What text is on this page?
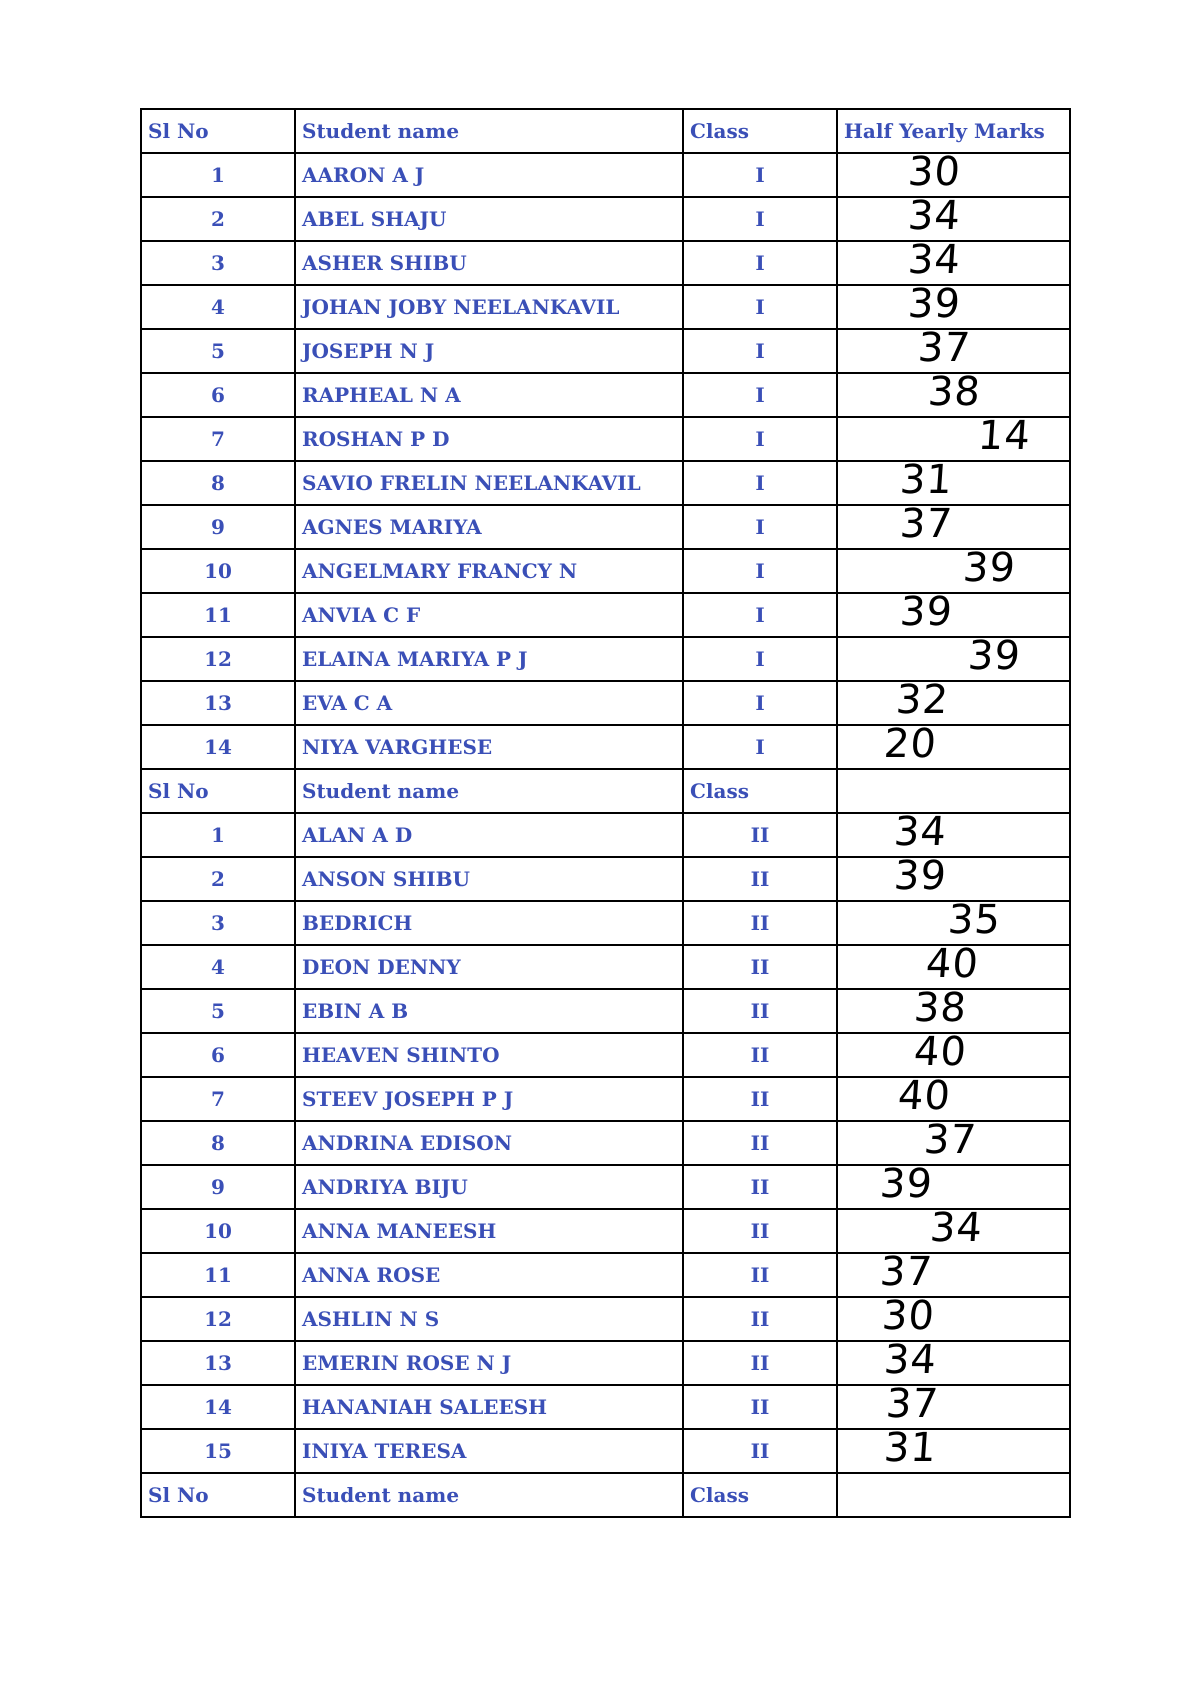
Sl No	Student name	Class	Half Yearly Marks
1	AARON A J	I	30

2	ABEL SHAJU	I	34

3	ASHER SHIBU	I	34

4	JOHAN JOBY NEELANKAVIL	I	39

5	JOSEPH N J	I	37

6	RAPHEAL N A	I	38

7	ROSHAN P D	I	14

8	SAVIO FRELIN NEELANKAVIL	I	31

9	AGNES MARIYA	I	37

10	ANGELMARY FRANCY N	I	39

11	ANVIA C F	I	39

12	ELAINA MARIYA P J	I	39

13	EVA C A	I	32

14	NIYA VARGHESE	I	20

Sl No	Student name	Class	
1	ALAN A D	II	34

2	ANSON SHIBU	II	39

3	BEDRICH	II	35

4	DEON DENNY	II	40

5	EBIN A B	II	38

6	HEAVEN SHINTO	II	40

7	STEEV JOSEPH P J	II	40

8	ANDRINA EDISON	II	37

9	ANDRIYA BIJU	II	39

10	ANNA MANEESH	II	34

11	ANNA ROSE	II	37

12	ASHLIN N S	II	30

13	EMERIN ROSE N J	II	34

14	HANANIAH SALEESH	II	37

15	INIYA TERESA	II	31

Sl No	Student name	Class	
